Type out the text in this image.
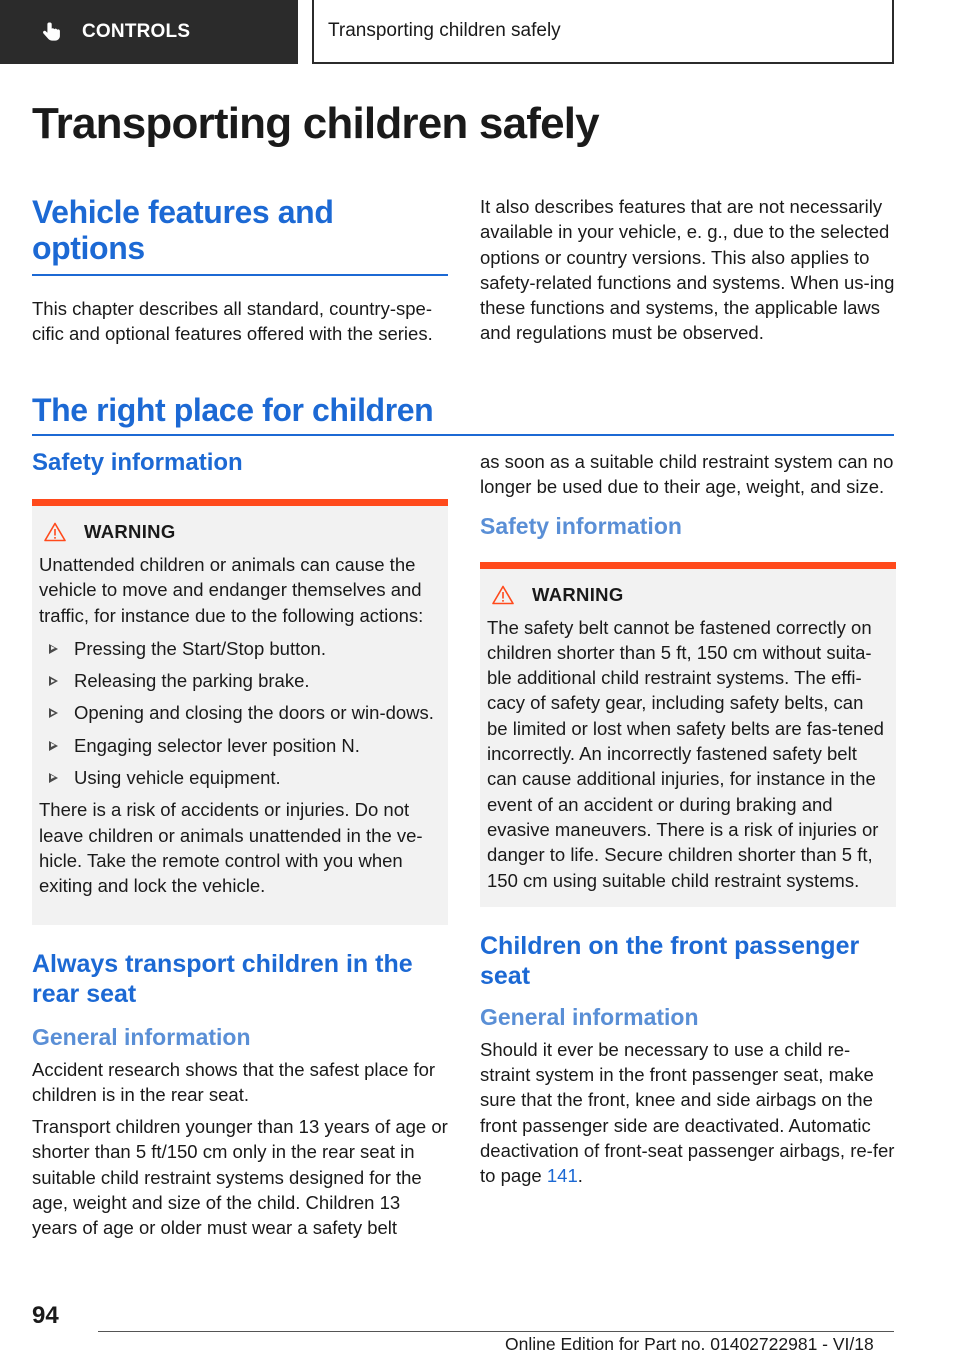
CONTROLS	Transporting children safely
Transporting children safely
Vehicle features and options

This chapter describes all standard, country-spe-cific and optional features offered with the series.

It also describes features that are not necessarily available in your vehicle, e. g., due to the selected options or country versions. This also applies to safety-related functions and systems. When us-ing these functions and systems, the applicable laws and regulations must be observed.

The right place for children
Safety information
WARNING

Unattended children or animals can cause the vehicle to move and endanger themselves and traffic, for instance due to the following actions:

Pressing the Start/Stop button.
Releasing the parking brake.
Opening and closing the doors or win-dows.
Engaging selector lever position N.
Using vehicle equipment.

There is a risk of accidents or injuries. Do not leave children or animals unattended in the ve-hicle. Take the remote control with you when exiting and lock the vehicle.

Always transport children in the rear seat
General information

Accident research shows that the safest place for children is in the rear seat.

Transport children younger than 13 years of age or shorter than 5 ft/150 cm only in the rear seat in suitable child restraint systems designed for the age, weight and size of the child. Children 13 years of age or older must wear a safety belt

as soon as a suitable child restraint system can no longer be used due to their age, weight, and size.

Safety information
WARNING

The safety belt cannot be fastened correctly on children shorter than 5 ft, 150 cm without suita-ble additional child restraint systems. The effi-cacy of safety gear, including safety belts, can be limited or lost when safety belts are fas-tened incorrectly. An incorrectly fastened safety belt can cause additional injuries, for instance in the event of an accident or during braking and evasive maneuvers. There is a risk of injuries or danger to life. Secure children shorter than 5 ft, 150 cm using suitable child restraint systems.

Children on the front passenger seat
General information

Should it ever be necessary to use a child re-straint system in the front passenger seat, make sure that the front, knee and side airbags on the front passenger side are deactivated. Automatic deactivation of front-seat passenger airbags, re-fer to page 141.

94
Online Edition for Part no. 01402722981 - VI/18
